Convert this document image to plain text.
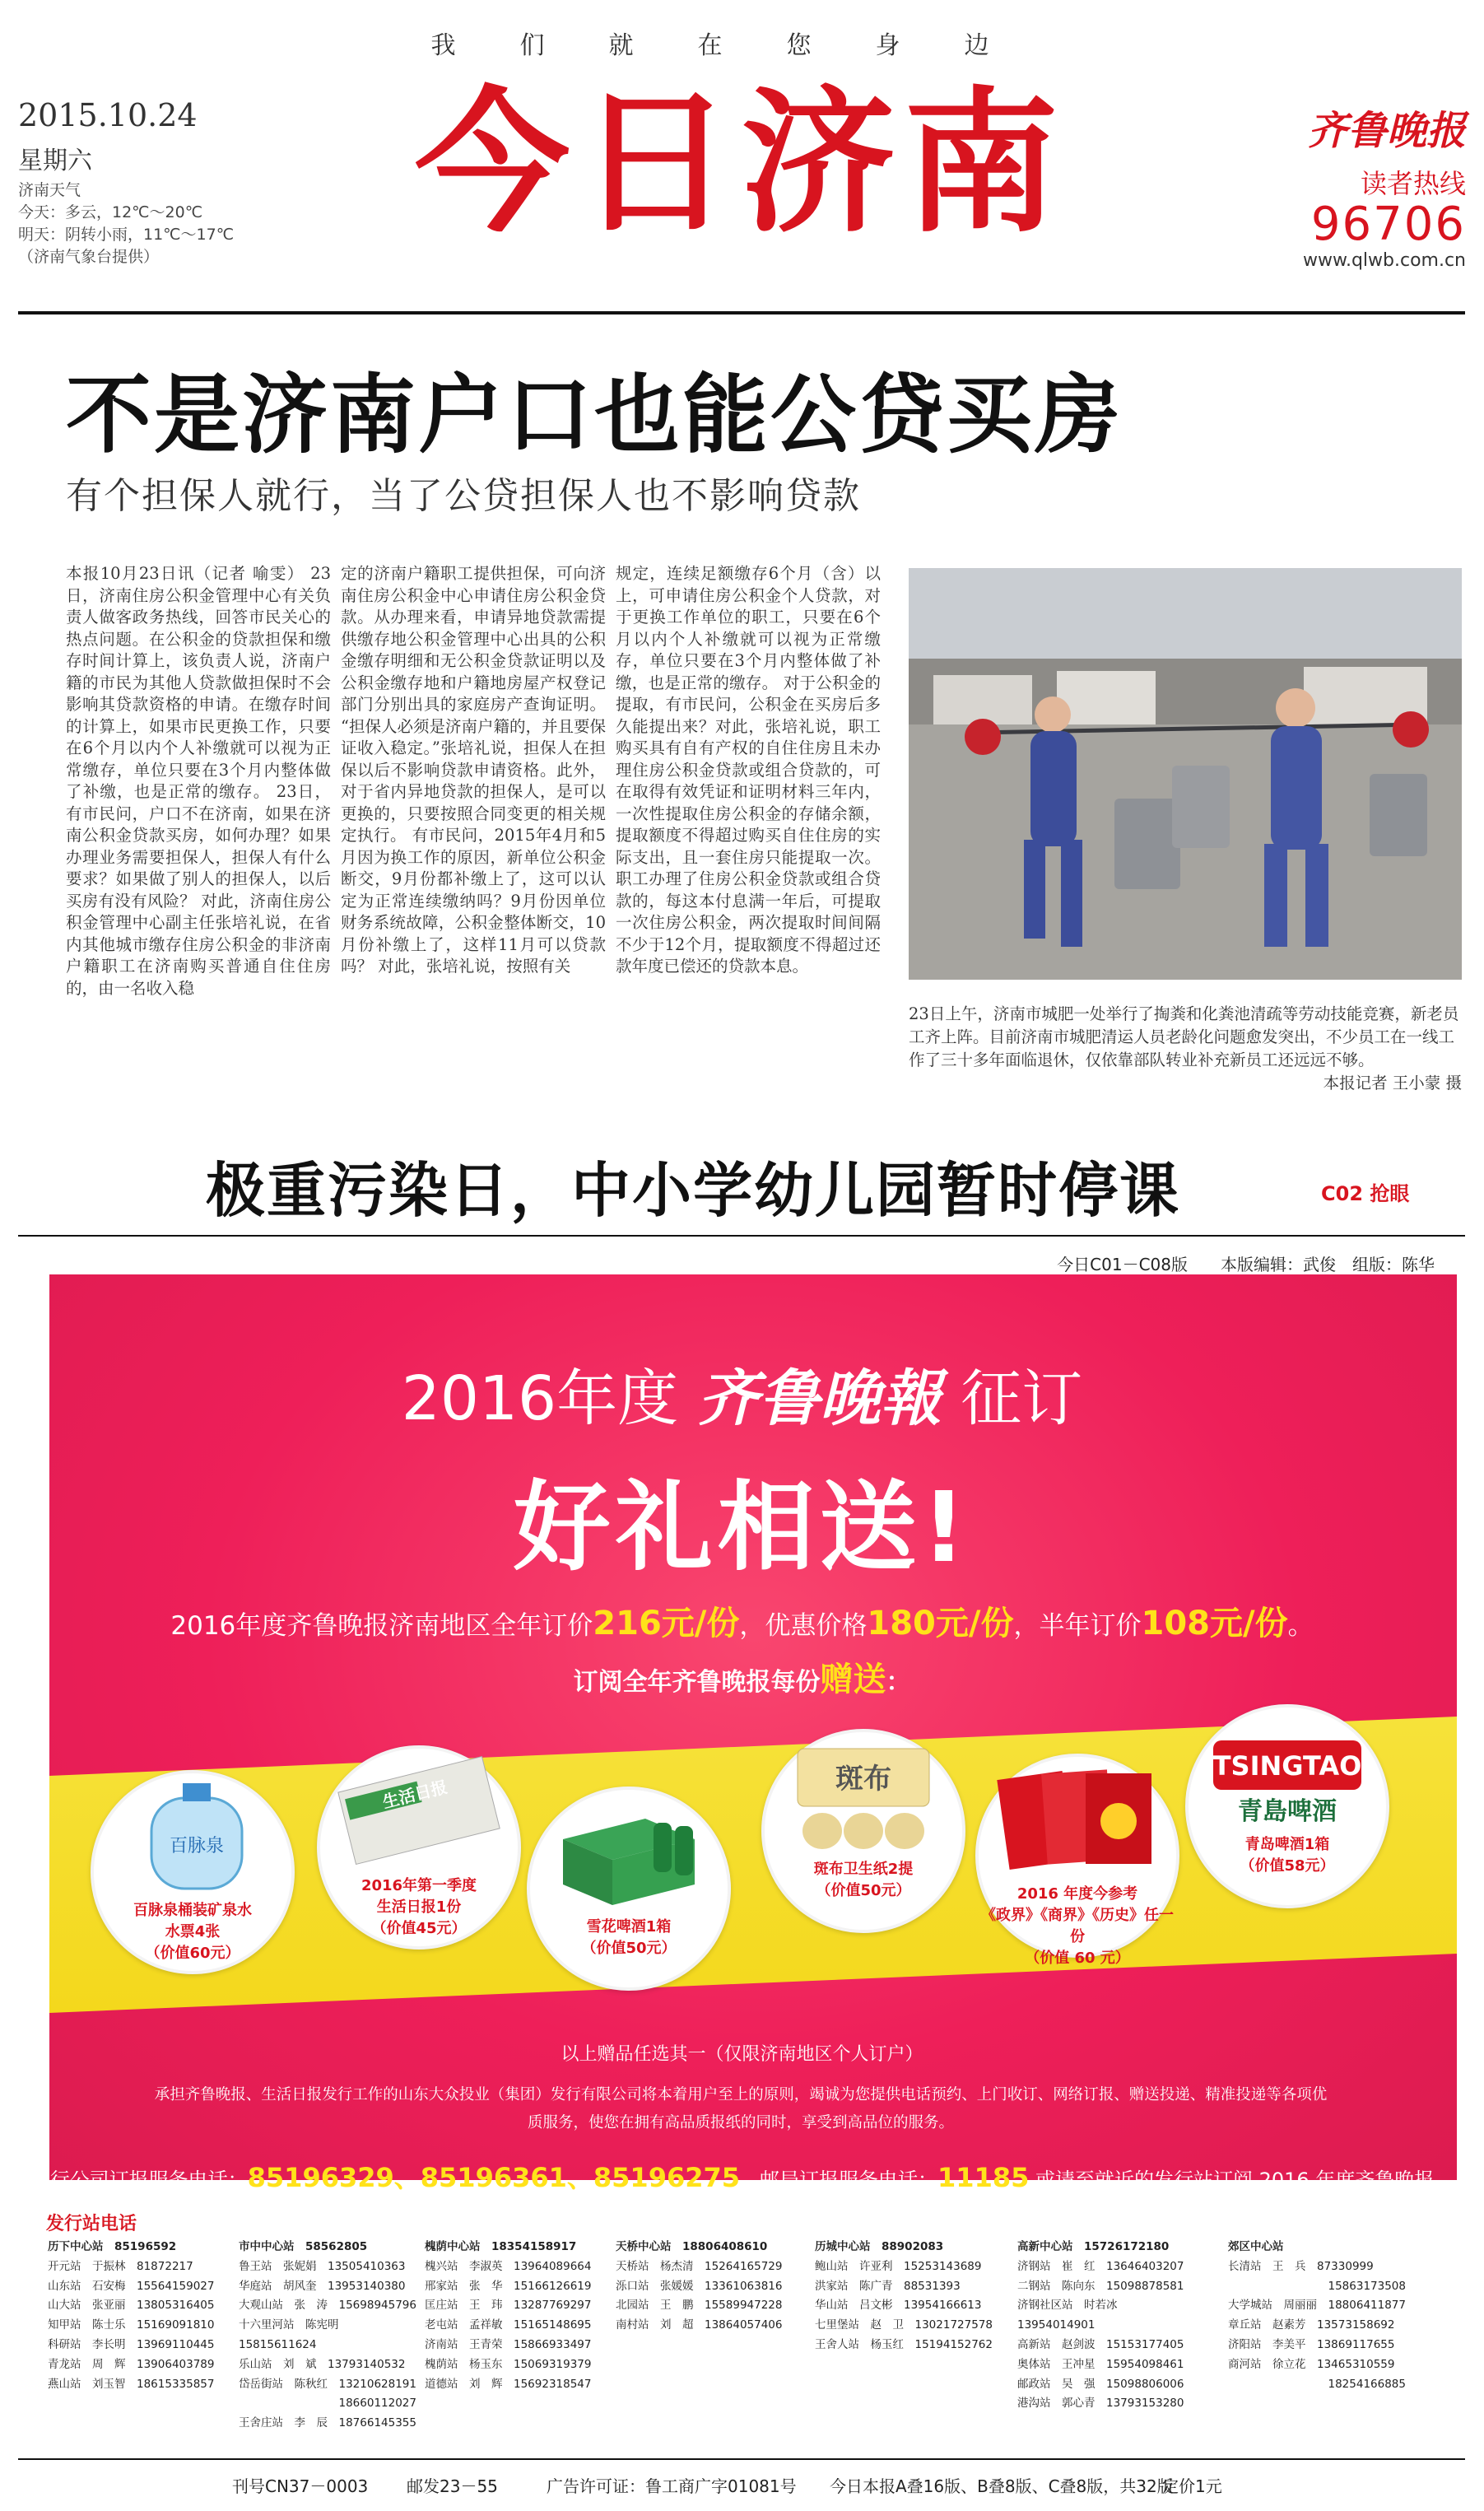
我们就在您身边
2015.10.24
星期六
济南天气
今天：多云，12℃～20℃
明天：阴转小雨，11℃～17℃
（济南气象台提供）
今日济南	齐鲁晚报
读者热线
96706
www.qlwb.com.cn
不是济南户口也能公贷买房
有个担保人就行，当了公贷担保人也不影响贷款
本报10月23日讯（记者 喻雯） 23日，济南住房公积金管理中心有关负责人做客政务热线，回答市民关心的热点问题。在公积金的贷款担保和缴存时间计算上，该负责人说，济南户籍的市民为其他人贷款做担保时不会影响其贷款资格的申请。在缴存时间的计算上，如果市民更换工作，只要在6个月以内个人补缴就可以视为正常缴存，单位只要在3个月内整体做了补缴，也是正常的缴存。 23日，有市民问，户口不在济南，如果在济南公积金贷款买房，如何办理？如果办理业务需要担保人，担保人有什么要求？如果做了别人的担保人，以后买房有没有风险？ 对此，济南住房公积金管理中心副主任张培礼说，在省内其他城市缴存住房公积金的非济南户籍职工在济南购买普通自住住房的，由一名收入稳
定的济南户籍职工提供担保，可向济南住房公积金中心申请住房公积金贷款。从办理来看，申请异地贷款需提供缴存地公积金管理中心出具的公积金缴存明细和无公积金贷款证明以及公积金缴存地和户籍地房屋产权登记部门分别出具的家庭房产查询证明。 “担保人必须是济南户籍的，并且要保证收入稳定。”张培礼说，担保人在担保以后不影响贷款申请资格。此外，对于省内异地贷款的担保人，是可以更换的，只要按照合同变更的相关规定执行。 有市民问，2015年4月和5月因为换工作的原因，新单位公积金断交，9月份都补缴上了，这可以认定为正常连续缴纳吗？9月份因单位财务系统故障，公积金整体断交，10月份补缴上了，这样11月可以贷款吗？ 对此，张培礼说，按照有关
规定，连续足额缴存6个月（含）以上，可申请住房公积金个人贷款，对于更换工作单位的职工，只要在6个月以内个人补缴就可以视为正常缴存，单位只要在3个月内整体做了补缴，也是正常的缴存。 对于公积金的提取，有市民问，公积金在买房后多久能提出来？对此，张培礼说，职工购买具有自有产权的自住住房且未办理住房公积金贷款或组合贷款的，可在取得有效凭证和证明材料三年内，一次性提取住房公积金的存储余额，提取额度不得超过购买自住住房的实际支出，且一套住房只能提取一次。职工办理了住房公积金贷款或组合贷款的，每这本付息满一年后，可提取一次住房公积金，两次提取时间间隔不少于12个月，提取额度不得超过还款年度已偿还的贷款本息。
23日上午，济南市城肥一处举行了掏粪和化粪池清疏等劳动技能竞赛，新老员工齐上阵。目前济南市城肥清运人员老龄化问题愈发突出，不少员工在一线工作了三十多年面临退休，仅依靠部队转业补充新员工还远远不够。
本报记者 王小蒙 摄
极重污染日，中小学幼儿园暂时停课	C02 抢眼
今日C01－C08版　　本版编辑：武俊　组版：陈华
2016年度 齐鲁晚報 征订
好礼相送!
2016年度齐鲁晚报济南地区全年订价216元/份，优惠价格180元/份，半年订价108元/份。
订阅全年齐鲁晚报每份赠送：
百脉泉
百脉泉桶装矿泉水
水票4张
（价值60元）
生活日报
2016年第一季度
生活日报1份
（价值45元）	雪花啤酒1箱
（价值50元）
斑布
斑布卫生纸2提
（价值50元）	2016 年度今参考
《政界》《商界》《历史》任一份
（价值 60 元）
TSINGTAO
青島啤酒
青岛啤酒1箱
（价值58元）
以上赠品任选其一（仅限济南地区个人订户）
承担齐鲁晚报、生活日报发行工作的山东大众投业（集团）发行有限公司将本着用户至上的原则，竭诚为您提供电话预约、上门收订、网络订报、赠送投递、精准投递等各项优质服务，使您在拥有高品质报纸的同时，享受到高品位的服务。
发行公司订报服务电话：85196329、85196361、85196275，邮局订报服务电话：11185 或请至就近的发行站订阅 2016 年度齐鲁晚报。
发行站电话
历下中心站　85196592
开元站　于振林　81872217
山东站　石安梅　15564159027
山大站　张亚丽　13805316405
知甲站　陈士乐　15169091810
科研站　李长明　13969110445
青龙站　周　辉　13906403789
燕山站　刘玉智　18615335857
市中中心站　58562805
鲁王站　张妮娟　13505410363
华庭站　胡风奎　13953140380
大观山站　张　涛　15698945796
十六里河站　陈宪明　15815611624
乐山站　刘　斌　13793140532
岱岳街站　陈秋红　13210628191
　　　　　　　　　18660112027
王舍庄站　李　辰　18766145355
槐荫中心站　18354158917
槐兴站　李淑英　13964089664
邢家站　张　华　15166126619
匡庄站　王　玮　13287769297
老屯站　孟祥敏　15165148695
济南站　王青荣　15866933497
槐荫站　杨玉东　15069319379
道德站　刘　辉　15692318547
天桥中心站　18806408610
天桥站　杨杰清　15264165729
泺口站　张媛媛　13361063816
北园站　王　鹏　15589947228
南村站　刘　超　13864057406
历城中心站　88902083
鲍山站　许亚利　15253143689
洪家站　陈广青　88531393
华山站　吕文彬　13954166613
七里堡站　赵　卫　13021727578
王舍人站　杨玉红　15194152762
高新中心站　15726172180
济钢站　崔　红　13646403207
二钢站　陈向东　15098878581
济钢社区站　时若冰　13954014901
高新站　赵剑波　15153177405
奥体站　王冲星　15954098461
邮政站　吴　强　15098806006
港沟站　郭心青　13793153280
郊区中心站
长清站　王　兵　87330999
　　　　　　　　　15863173508
大学城站　周丽丽　18806411877
章丘站　赵素芳　13573158692
济阳站　李美平　13869117655
商河站　徐立花　13465310559
　　　　　　　　　18254166885
刊号CN37－0003 邮发23－55	广告许可证：鲁工商广字01081号 今日本报A叠16版、B叠8版、C叠8版，共32版
定价1元
